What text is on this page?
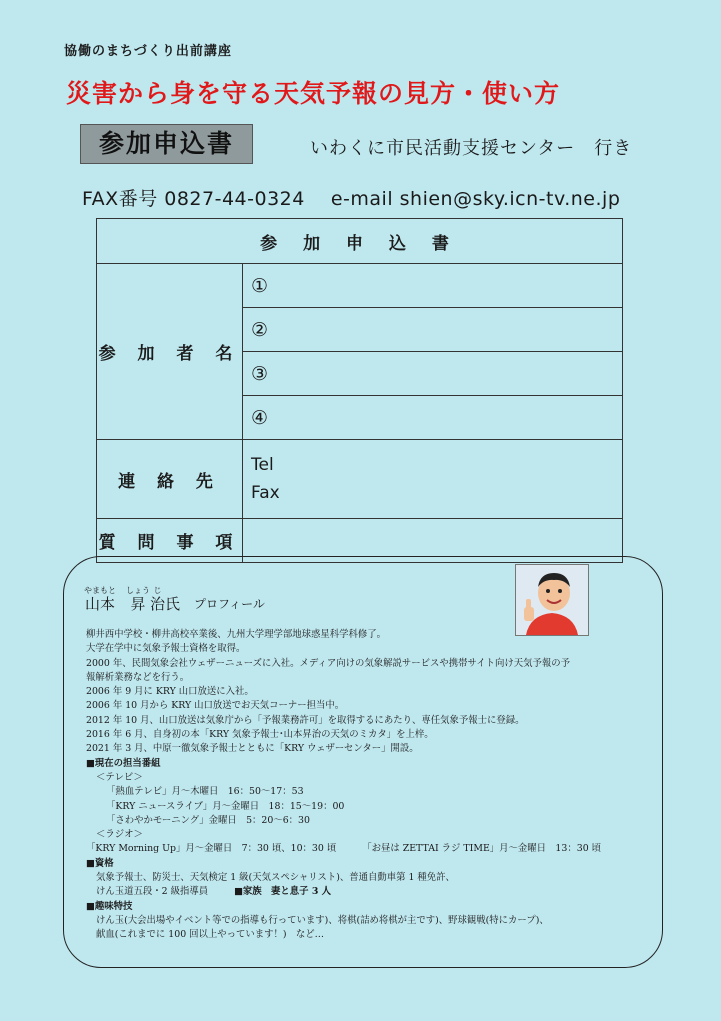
協働のまちづくり出前講座
災害から身を守る天気予報の見方・使い方
参加申込書	いわくに市民活動支援センター　行き
FAX番号 0827-44-0324 e-mail shien@sky.icn-tv.ne.jp
参 加 申 込 書	
参 加 者 名	①
	②
	③
	④
連 絡 先	Tel
Fax

質 問 事 項	
やまもと
山本
しょう
昇
じ
治 氏 プロフィール
柳井西中学校・柳井高校卒業後、九州大学理学部地球惑星科学科修了。
大学在学中に気象予報士資格を取得。
2000 年、民間気象会社ウェザーニューズに入社。メディア向けの気象解説サービスや携帯サイト向け天気予報の予
報解析業務などを行う。
2006 年 9 月に KRY 山口放送に入社。
2006 年 10 月から KRY 山口放送でお天気コーナー担当中。
2012 年 10 月、山口放送は気象庁から「予報業務許可」を取得するにあたり、専任気象予報士に登録。
2016 年 6 月、自身初の本「KRY 気象予報士･山本昇治の天気のミカタ」を上梓。
2021 年 3 月、中原一徹気象予報士とともに「KRY ウェザーセンター」開設。
■現在の担当番組
＜テレビ＞
「熱血テレビ」月～木曜日　16：50～17：53
「KRY ニュースライブ」月～金曜日　18：15～19：00
「さわやかモーニング」金曜日　5：20～6：30
＜ラジオ＞
「KRY Morning Up」月～金曜日　7：30 頃、10：30 頃	「お昼は ZETTAI ラジ TIME」月～金曜日　13：30 頃
■資格
気象予報士、防災士、天気検定 1 級(天気スペシャリスト)、普通自動車第 1 種免許、
けん玉道五段・2 級指導員	■家族　妻と息子 3 人
■趣味特技
けん玉(大会出場やイベント等での指導も行っています)、将棋(詰め将棋が主です)、野球観戦(特にカープ)、
献血(これまでに 100 回以上やっています！)　など…
